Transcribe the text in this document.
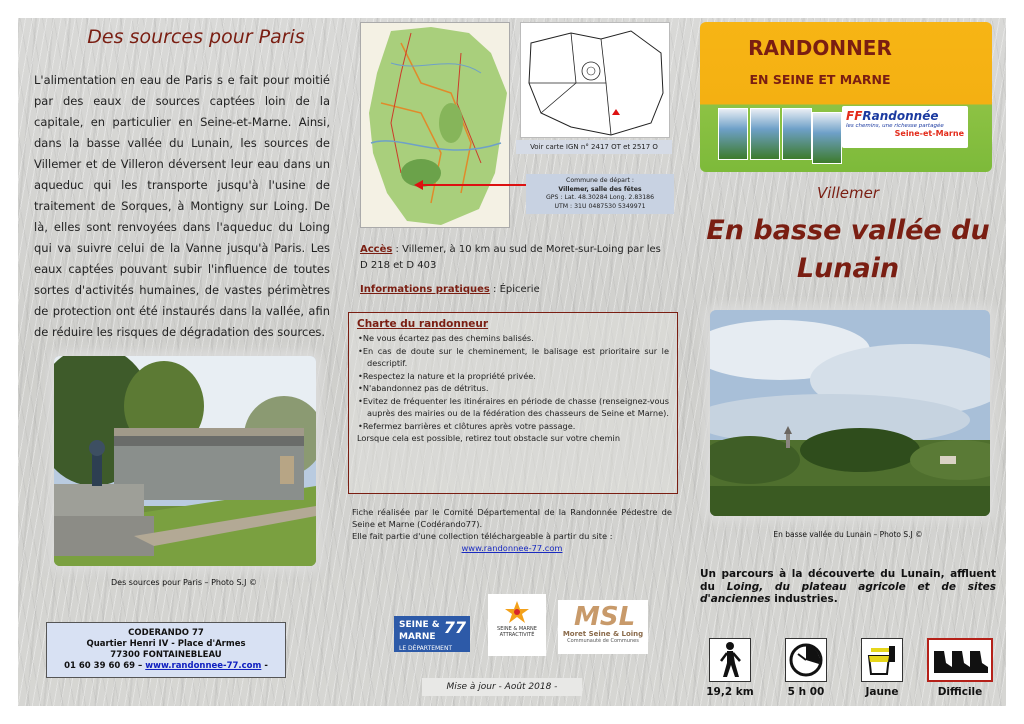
Des sources pour Paris

L'alimentation en eau de Paris s e fait pour moitié par des eaux de sources captées loin de la capitale, en particulier en Seine-et-Marne. Ainsi, dans la basse vallée du Lunain, les sources de Villemer et de Villeron déversent leur eau dans un aqueduc qui les transporte jusqu'à l'usine de traitement de Sorques, à Montigny sur Loing. De là, elles sont renvoyées dans l'aqueduc du Loing qui va suivre celui de la Vanne jusqu'à Paris. Les eaux captées pouvant subir l'influence de toutes sortes d'activités humaines, de vastes périmètres de protection ont été instaurés dans la vallée, afin de réduire les risques de dégradation des sources.

Des sources pour Paris – Photo S.J ©
CODERANDO 77
Quartier Henri IV - Place d'Armes
77300 FONTAINEBLEAU
01 60 39 60 69 – www.randonnee-77.com -
Voir carte IGN n° 2417 OT et 2517 O
Commune de départ :
Villemer, salle des fêtes
GPS : Lat. 48.30284 Long. 2.83186
UTM : 31U 0487530 5349971
Accès : Villemer, à 10 km au sud de Moret-sur-Loing par les D 218 et D 403
Informations pratiques : Épicerie
Charte du randonneur
• Ne vous écartez pas des chemins balisés.
• En cas de doute sur le cheminement, le balisage est prioritaire sur le descriptif.
• Respectez la nature et la propriété privée.
• N'abandonnez pas de détritus.
• Evitez de fréquenter les itinéraires en période de chasse (renseignez-vous auprès des mairies ou de la fédération des chasseurs de Seine et Marne).
• Refermez barrières et clôtures après votre passage.
Lorsque cela est possible, retirez tout obstacle sur votre chemin
Fiche réalisée par le Comité Départemental de la Randonnée Pédestre de Seine et Marne (Codérando77).
Elle fait partie d'une collection téléchargeable à partir du site :
www.randonnee-77.com
SEINE & MARNE
LE DÉPARTEMENT
77	SEINE & MARNE ATTRACTIVITÉ
MSL
Moret Seine & Loing
Communauté de Communes
Mise à jour - Août 2018 -
RANDONNER
EN SEINE ET MARNE
FFRandonnée
les chemins, une richesse partagée
Seine-et-Marne
Villemer
En basse vallée du Lunain
En basse vallée du Lunain – Photo S.J ©
Un parcours à la découverte du Lunain, affluent du Loing, du plateau agricole et de sites d'anciennes industries.
19,2 km	5 h 00	Jaune	Difficile
